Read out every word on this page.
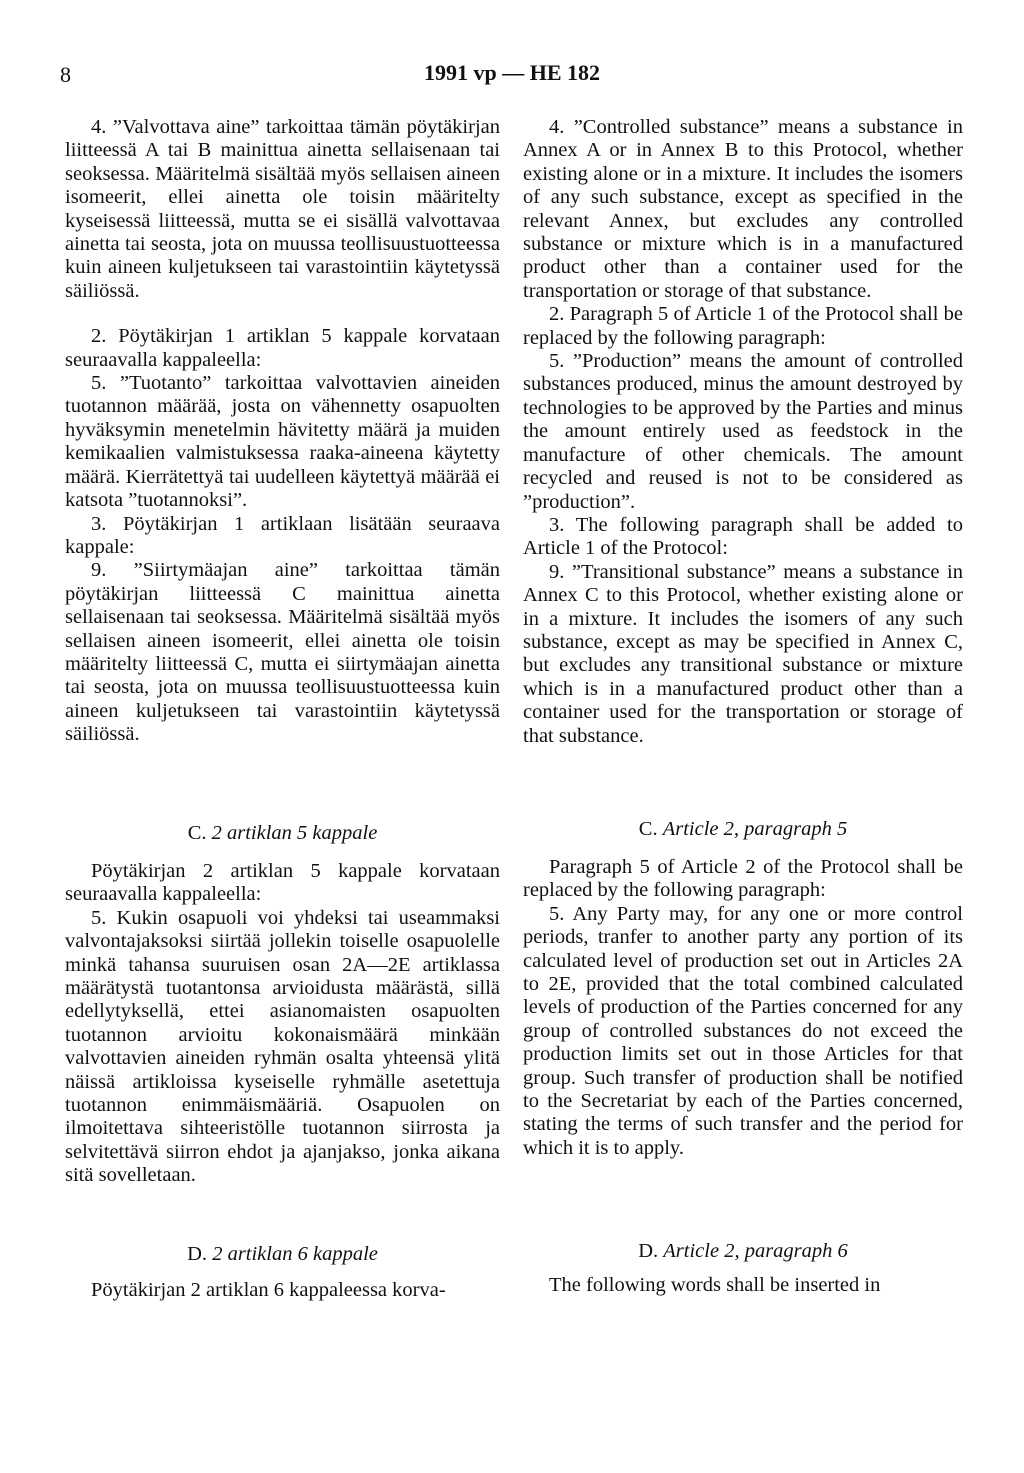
8	1991 vp — HE 182

4. ”Valvottava aine” tarkoittaa tämän pöytäkirjan liitteessä A tai B mainittua ainetta sellaisenaan tai seoksessa. Määritelmä sisältää myös sellaisen aineen isomeerit, ellei ainetta ole toisin määritelty kyseisessä liitteessä, mutta se ei sisällä valvottavaa ainetta tai seosta, jota on muussa teollisuustuotteessa kuin aineen kuljetukseen tai varastointiin käytetyssä säiliössä.

2. Pöytäkirjan 1 artiklan 5 kappale korvataan seuraavalla kappaleella:

5. ”Tuotanto” tarkoittaa valvottavien aineiden tuotannon määrää, josta on vähennetty osapuolten hyväksymin menetelmin hävitetty määrä ja muiden kemikaalien valmistuksessa raaka-aineena käytetty määrä. Kierrätettyä tai uudelleen käytettyä määrää ei katsota ”tuotannoksi”.

3. Pöytäkirjan 1 artiklaan lisätään seuraava kappale:

9. ”Siirtymäajan aine” tarkoittaa tämän pöytäkirjan liitteessä C mainittua ainetta sellaisenaan tai seoksessa. Määritelmä sisältää myös sellaisen aineen isomeerit, ellei ainetta ole toisin määritelty liitteessä C, mutta ei siirtymäajan ainetta tai seosta, jota on muussa teollisuustuotteessa kuin aineen kuljetukseen tai varastointiin käytetyssä säiliössä.

4. ”Controlled substance” means a substance in Annex A or in Annex B to this Protocol, whether existing alone or in a mixture. It includes the isomers of any such substance, except as specified in the relevant Annex, but excludes any controlled substance or mixture which is in a manufactured product other than a container used for the transportation or storage of that substance.

2. Paragraph 5 of Article 1 of the Protocol shall be replaced by the following paragraph:

5. ”Production” means the amount of controlled substances produced, minus the amount destroyed by technologies to be approved by the Parties and minus the amount entirely used as feedstock in the manufacture of other chemicals. The amount recycled and reused is not to be considered as ”production”.

3. The following paragraph shall be added to Article 1 of the Protocol:

9. ”Transitional substance” means a substance in Annex C to this Protocol, whether existing alone or in a mixture. It includes the isomers of any such substance, except as may be specified in Annex C, but excludes any transitional substance or mixture which is in a manufactured product other than a container used for the transportation or storage of that substance.

C. 2 artiklan 5 kappale	C. Article 2, paragraph 5

Pöytäkirjan 2 artiklan 5 kappale korvataan seuraavalla kappaleella:

5. Kukin osapuoli voi yhdeksi tai useammaksi valvontajaksoksi siirtää jollekin toiselle osapuolelle minkä tahansa suuruisen osan 2A—2E artiklassa määrätystä tuotantonsa arvioidusta määrästä, sillä edellytyksellä, ettei asianomaisten osapuolten tuotannon arvioitu kokonaismäärä minkään valvottavien aineiden ryhmän osalta yhteensä ylitä näissä artikloissa kyseiselle ryhmälle asetettuja tuotannon enimmäismääriä. Osapuolen on ilmoitettava sihteeristölle tuotannon siirrosta ja selvitettävä siirron ehdot ja ajanjakso, jonka aikana sitä sovelletaan.

Paragraph 5 of Article 2 of the Protocol shall be replaced by the following paragraph:

5. Any Party may, for any one or more control periods, tranfer to another party any portion of its calculated level of production set out in Articles 2A to 2E, provided that the total combined calculated levels of production of the Parties concerned for any group of controlled substances do not exceed the production limits set out in those Articles for that group. Such transfer of production shall be notified to the Secretariat by each of the Parties concerned, stating the terms of such transfer and the period for which it is to apply.

D. 2 artiklan 6 kappale	D. Article 2, paragraph 6

Pöytäkirjan 2 artiklan 6 kappaleessa korva-	The following words shall be inserted in
